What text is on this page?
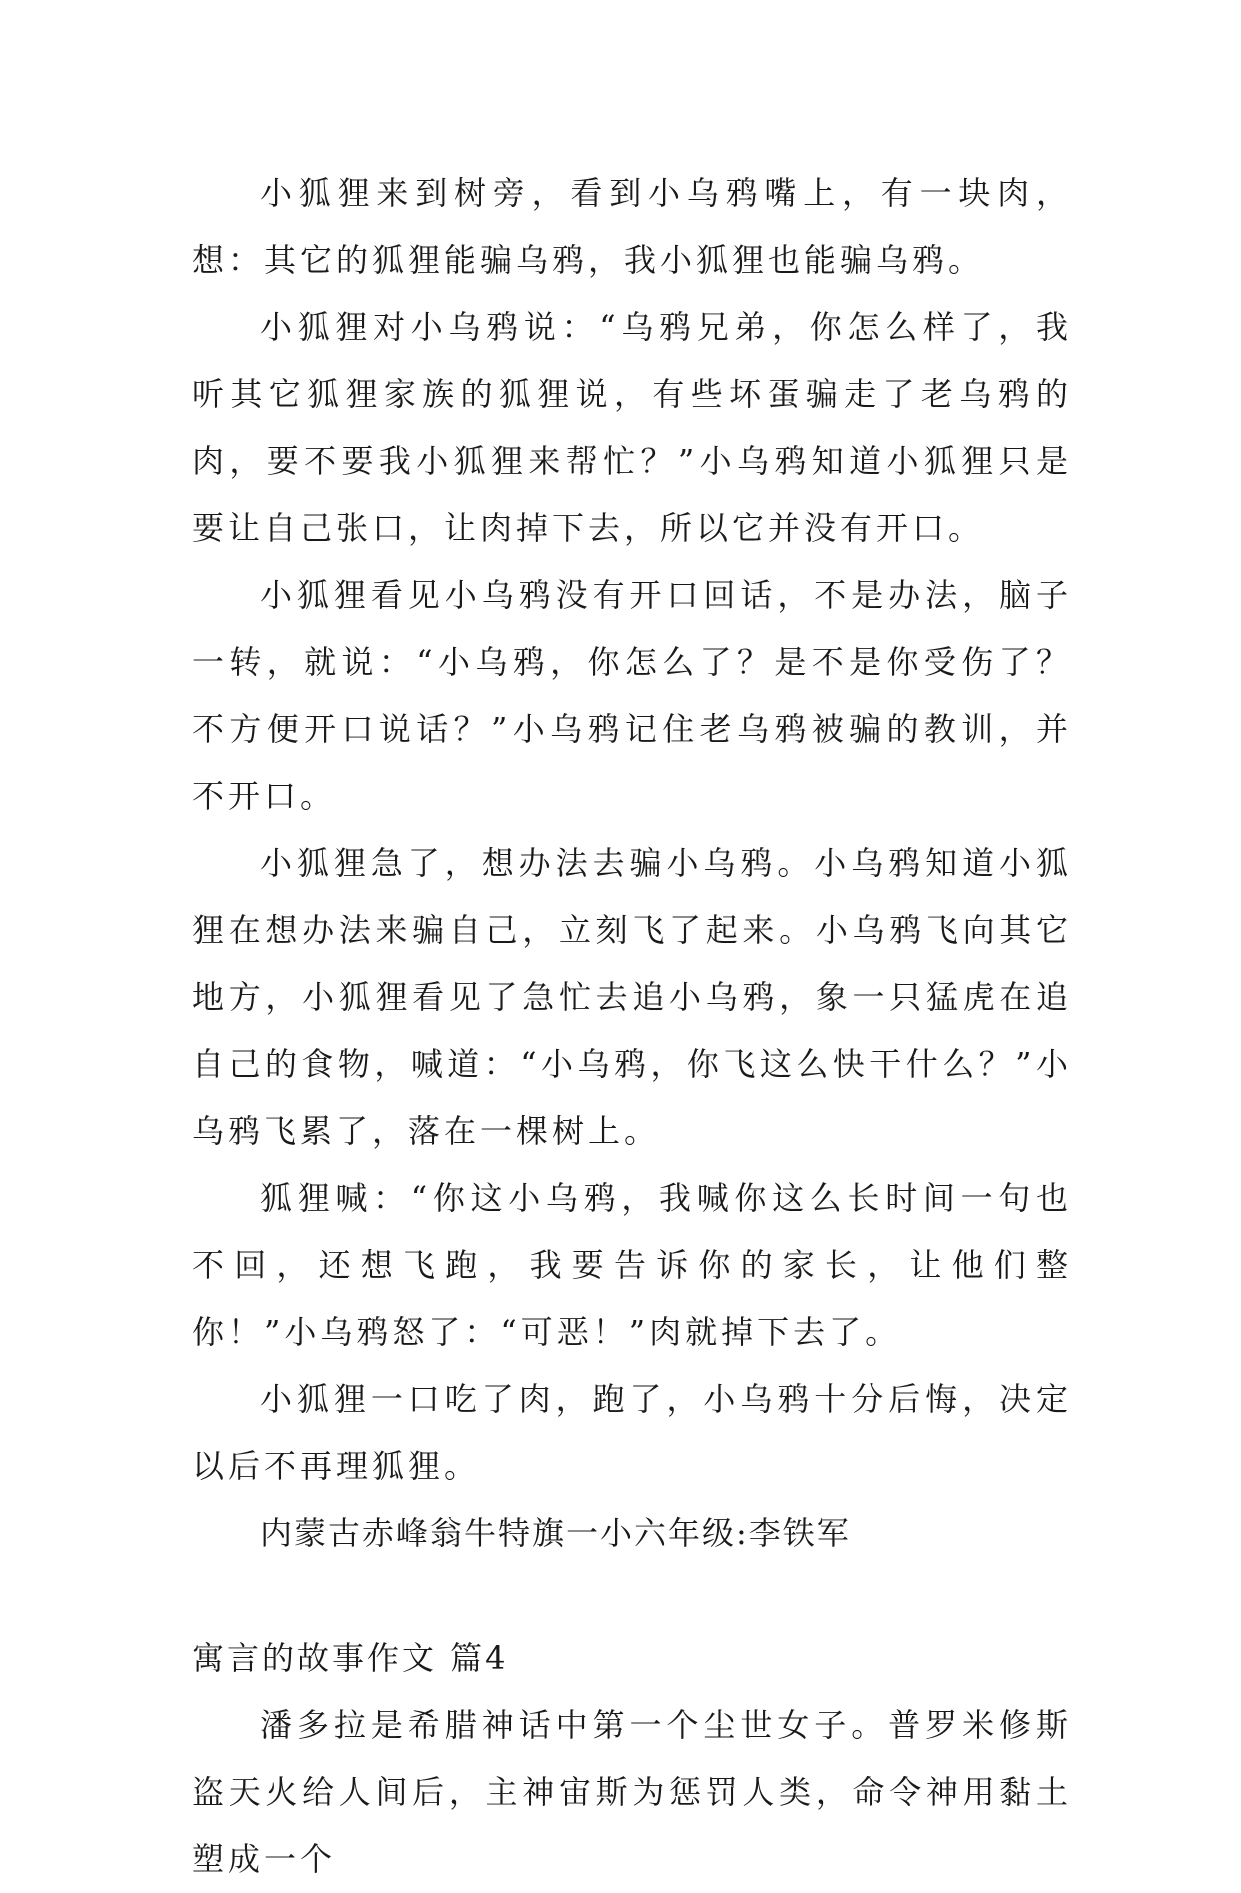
小狐狸来到树旁，看到小乌鸦嘴上，有一块肉，想：其它的狐狸能骗乌鸦，我小狐狸也能骗乌鸦。

小狐狸对小乌鸦说：“乌鸦兄弟，你怎么样了，我听其它狐狸家族的狐狸说，有些坏蛋骗走了老乌鸦的肉，要不要我小狐狸来帮忙？”小乌鸦知道小狐狸只是要让自己张口，让肉掉下去，所以它并没有开口。

小狐狸看见小乌鸦没有开口回话，不是办法，脑子一转，就说：“小乌鸦，你怎么了？是不是你受伤了？不方便开口说话？”小乌鸦记住老乌鸦被骗的教训，并不开口。

小狐狸急了，想办法去骗小乌鸦。小乌鸦知道小狐狸在想办法来骗自己，立刻飞了起来。小乌鸦飞向其它地方，小狐狸看见了急忙去追小乌鸦，象一只猛虎在追自己的食物，喊道：“小乌鸦，你飞这么快干什么？”小乌鸦飞累了，落在一棵树上。

狐狸喊：“你这小乌鸦，我喊你这么长时间一句也不回，还想飞跑，我要告诉你的家长，让他们整你！”小乌鸦怒了：“可恶！”肉就掉下去了。

小狐狸一口吃了肉，跑了，小乌鸦十分后悔，决定以后不再理狐狸。

内蒙古赤峰翁牛特旗一小六年级:李铁军

寓言的故事作文 篇4

潘多拉是希腊神话中第一个尘世女子。普罗米修斯盗天火给人间后，主神宙斯为惩罚人类，命令神用黏土塑成一个
